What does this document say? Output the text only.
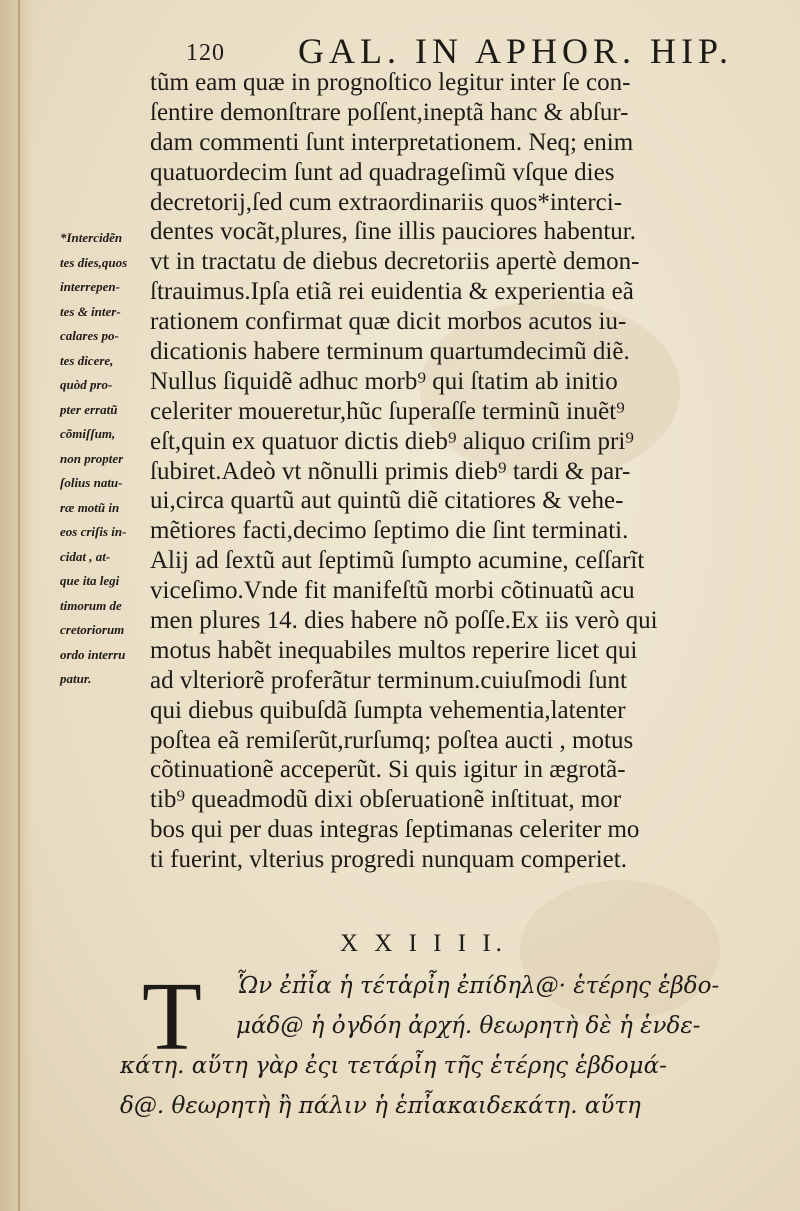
120 GAL. IN APHOR. HIP.
tũm eam quæ in prognoſtico legitur inter ſe con-
ſentire demonſtrare poſſent,ineptã hanc & abſur-
dam commenti ſunt interpretationem. Neq; enim
quatuordecim ſunt ad quadrageſimũ vſque dies
decretorij,ſed cum extraordinariis quos*interci-
dentes vocãt,plures, ſine illis pauciores habentur.
vt in tractatu de diebus decretoriis apertè demon-
ſtrauimus.Ipſa etiã rei euidentia & experientia eã
rationem confirmat quæ dicit morbos acutos iu-
dicationis habere terminum quartumdecimũ diẽ.
Nullus ſiquidẽ adhuc morb⁹ qui ſtatim ab initio
celeriter moueretur,hũc ſuperaſſe terminũ inuẽt⁹
eſt,quin ex quatuor dictis dieb⁹ aliquo criſim pri⁹
ſubiret.Adeò vt nõnulli primis dieb⁹ tardi & par-
ui,circa quartũ aut quintũ diẽ citatiores & vehe-
mẽtiores facti,decimo ſeptimo die ſint terminati.
Alij ad ſextũ aut ſeptimũ ſumpto acumine, ceſſarĩt
viceſimo.Vnde fit manifeſtũ morbi cõtinuatũ acu
men plures 14. dies habere nõ poſſe.Ex iis verò qui
motus habẽt inequabiles multos reperire licet qui
ad vlteriorẽ proferãtur terminum.cuiuſmodi ſunt
qui diebus quibuſdã ſumpta vehementia,latenter
poſtea eã remiſerũt,rurſumq; poſtea aucti , motus
cõtinuationẽ acceperũt. Si quis igitur in ægrotã-
tib⁹ queadmodũ dixi obſeruationẽ inſtituat, mor
bos qui per duas integras ſeptimanas celeriter mo
ti fuerint, vlterius progredi nunquam comperiet.
*Intercidẽn
tes dies,quos
interrepen-
tes & inter-
calares po-
tes dicere,
quòd pro-
pter erratũ
cõmiſſum,
non propter
ſolius natu-
ræ motũ in
eos criſis in-
cidat , at-
que ita legi
timorum de
cretoriorum
ordo interru
patur.
X X I I I I.
T	Ὧν ἐπ̓ἶα ἡ τέτἁρἶη ἐπίδηλ@· ἑτέρης ἑβδο-
μάδ@ ἡ ὀγδόη ἀρχή. θεωρητὴ δὲ ἡ ἑνδε-
κάτη. αὕτη γὰρ ἐςι τετάρἶη τῆς ἑτέρης ἑβδομά-
δ@. θεωρητὴ ἢ πάλιν ἡ ἑπἶακαιδεκάτη. αὕτη
